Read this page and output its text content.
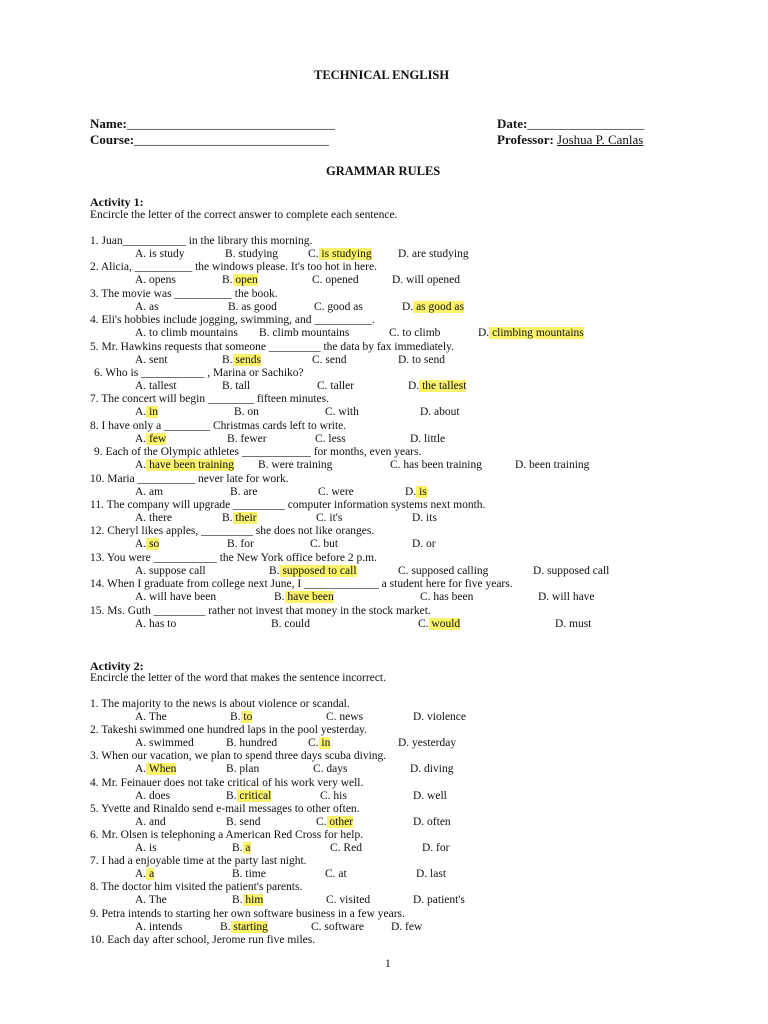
TECHNICAL ENGLISH
Name:________________________________
Course:______________________________
Date:__________________
Professor: Joshua P. Canlas
GRAMMAR RULES
Activity 1:
Encircle the letter of the correct answer to complete each sentence.
1. Juan___________ in the library this morning.
A. is study	B. studying	C. is studying D. are studying
2. Alicia, __________ the windows please. It's too hot in here.
A. opens	B. open	C. opened	D. will opened
3. The movie was __________ the book.
A. as	B. as good	C. good as	D. as good as
4. Eli's hobbies include jogging, swimming, and __________.
A. to climb mountains B. climb mountains	C. to climb	D. climbing mountains
5. Mr. Hawkins requests that someone _________ the data by fax immediately.
A. sent	B. sends	C. send	D. to send
6. Who is ___________ , Marina or Sachiko?
A. tallest	B. tall	C. taller	D. the tallest
7. The concert will begin ________ fifteen minutes.
A. in	B. on	C. with	D. about
8. I have only a ________ Christmas cards left to write.
A. few	B. fewer	C. less	D. little
9. Each of the Olympic athletes ____________ for months, even years.
A. have been training B. were training	C. has been training	D. been training
10. Maria __________ never late for work.
A. am	B. are	C. were	D. is
11. The company will upgrade _________ computer information systems next month.
A. there	B. their	C. it's	D. its
12. Cheryl likes apples, _________ she does not like oranges.
A. so	B. for	C. but	D. or
13. You were ___________ the New York office before 2 p.m.
A. suppose call	B. supposed to call	C. supposed calling	D. supposed call
14. When I graduate from college next June, I _____________ a student here for five years.
A. will have been	B. have been	C. has been	D. will have
15. Ms. Guth _________ rather not invest that money in the stock market.
A. has to	B. could	C. would	D. must
Activity 2:
Encircle the letter of the word that makes the sentence incorrect.
1. The majority to the news is about violence or scandal.
A. The	B. to	C. news	D. violence
2. Takeshi swimmed one hundred laps in the pool yesterday.
A. swimmed	B. hundred	C. in	D. yesterday
3. When our vacation, we plan to spend three days scuba diving.
A. When	B. plan	C. days	D. diving
4. Mr. Feinauer does not take critical of his work very well.
A. does	B. critical	C. his	D. well
5. Yvette and Rinaldo send e-mail messages to other often.
A. and	B. send	C. other	D. often
6. Mr. Olsen is telephoning a American Red Cross for help.
A. is	B. a	C. Red	D. for
7. I had a enjoyable time at the party last night.
A. a	B. time	C. at	D. last
8. The doctor him visited the patient's parents.
A. The	B. him	C. visited	D. patient's
9. Petra intends to starting her own software business in a few years.
A. intends	B. starting	C. software D. few
10. Each day after school, Jerome run five miles.
1
